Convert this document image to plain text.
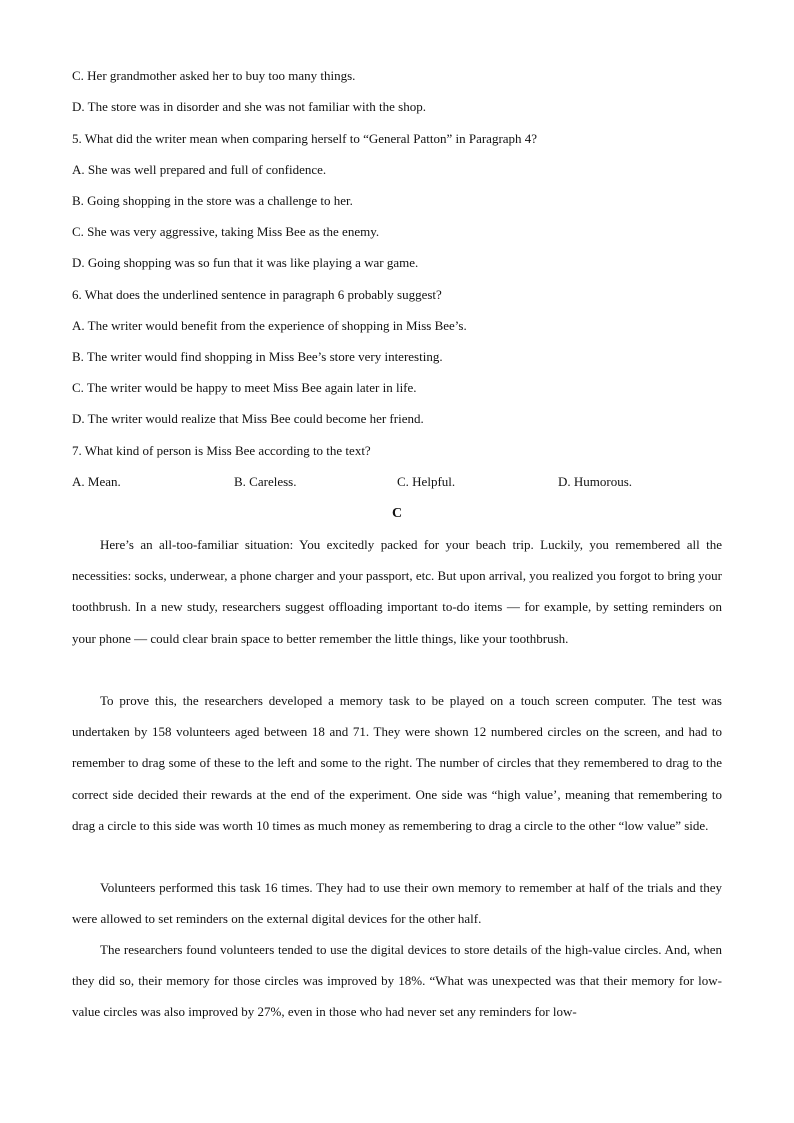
C. Her grandmother asked her to buy too many things.
D. The store was in disorder and she was not familiar with the shop.
5. What did the writer mean when comparing herself to “General Patton” in Paragraph 4?
A. She was well prepared and full of confidence.
B. Going shopping in the store was a challenge to her.
C. She was very aggressive, taking Miss Bee as the enemy.
D. Going shopping was so fun that it was like playing a war game.
6. What does the underlined sentence in paragraph 6 probably suggest?
A. The writer would benefit from the experience of shopping in Miss Bee’s.
B. The writer would find shopping in Miss Bee’s store very interesting.
C. The writer would be happy to meet Miss Bee again later in life.
D. The writer would realize that Miss Bee could become her friend.
7. What kind of person is Miss Bee according to the text?
A. Mean.	B. Careless.	C. Helpful.	D. Humorous.
C

Here’s an all-too-familiar situation: You excitedly packed for your beach trip. Luckily, you remembered all the necessities: socks, underwear, a phone charger and your passport, etc. But upon arrival, you realized you forgot to bring your toothbrush. In a new study, researchers suggest offloading important to-do items — for example, by setting reminders on your phone — could clear brain space to better remember the little things, like your toothbrush.

To prove this, the researchers developed a memory task to be played on a touch screen computer. The test was undertaken by 158 volunteers aged between 18 and 71. They were shown 12 numbered circles on the screen, and had to remember to drag some of these to the left and some to the right. The number of circles that they remembered to drag to the correct side decided their rewards at the end of the experiment. One side was “high value’, meaning that remembering to drag a circle to this side was worth 10 times as much money as remembering to drag a circle to the other “low value” side.

Volunteers performed this task 16 times. They had to use their own memory to remember at half of the trials and they were allowed to set reminders on the external digital devices for the other half.

The researchers found volunteers tended to use the digital devices to store details of the high-value circles. And, when they did so, their memory for those circles was improved by 18%. “What was unexpected was that their memory for low-value circles was also improved by 27%, even in those who had never set any reminders for low-
